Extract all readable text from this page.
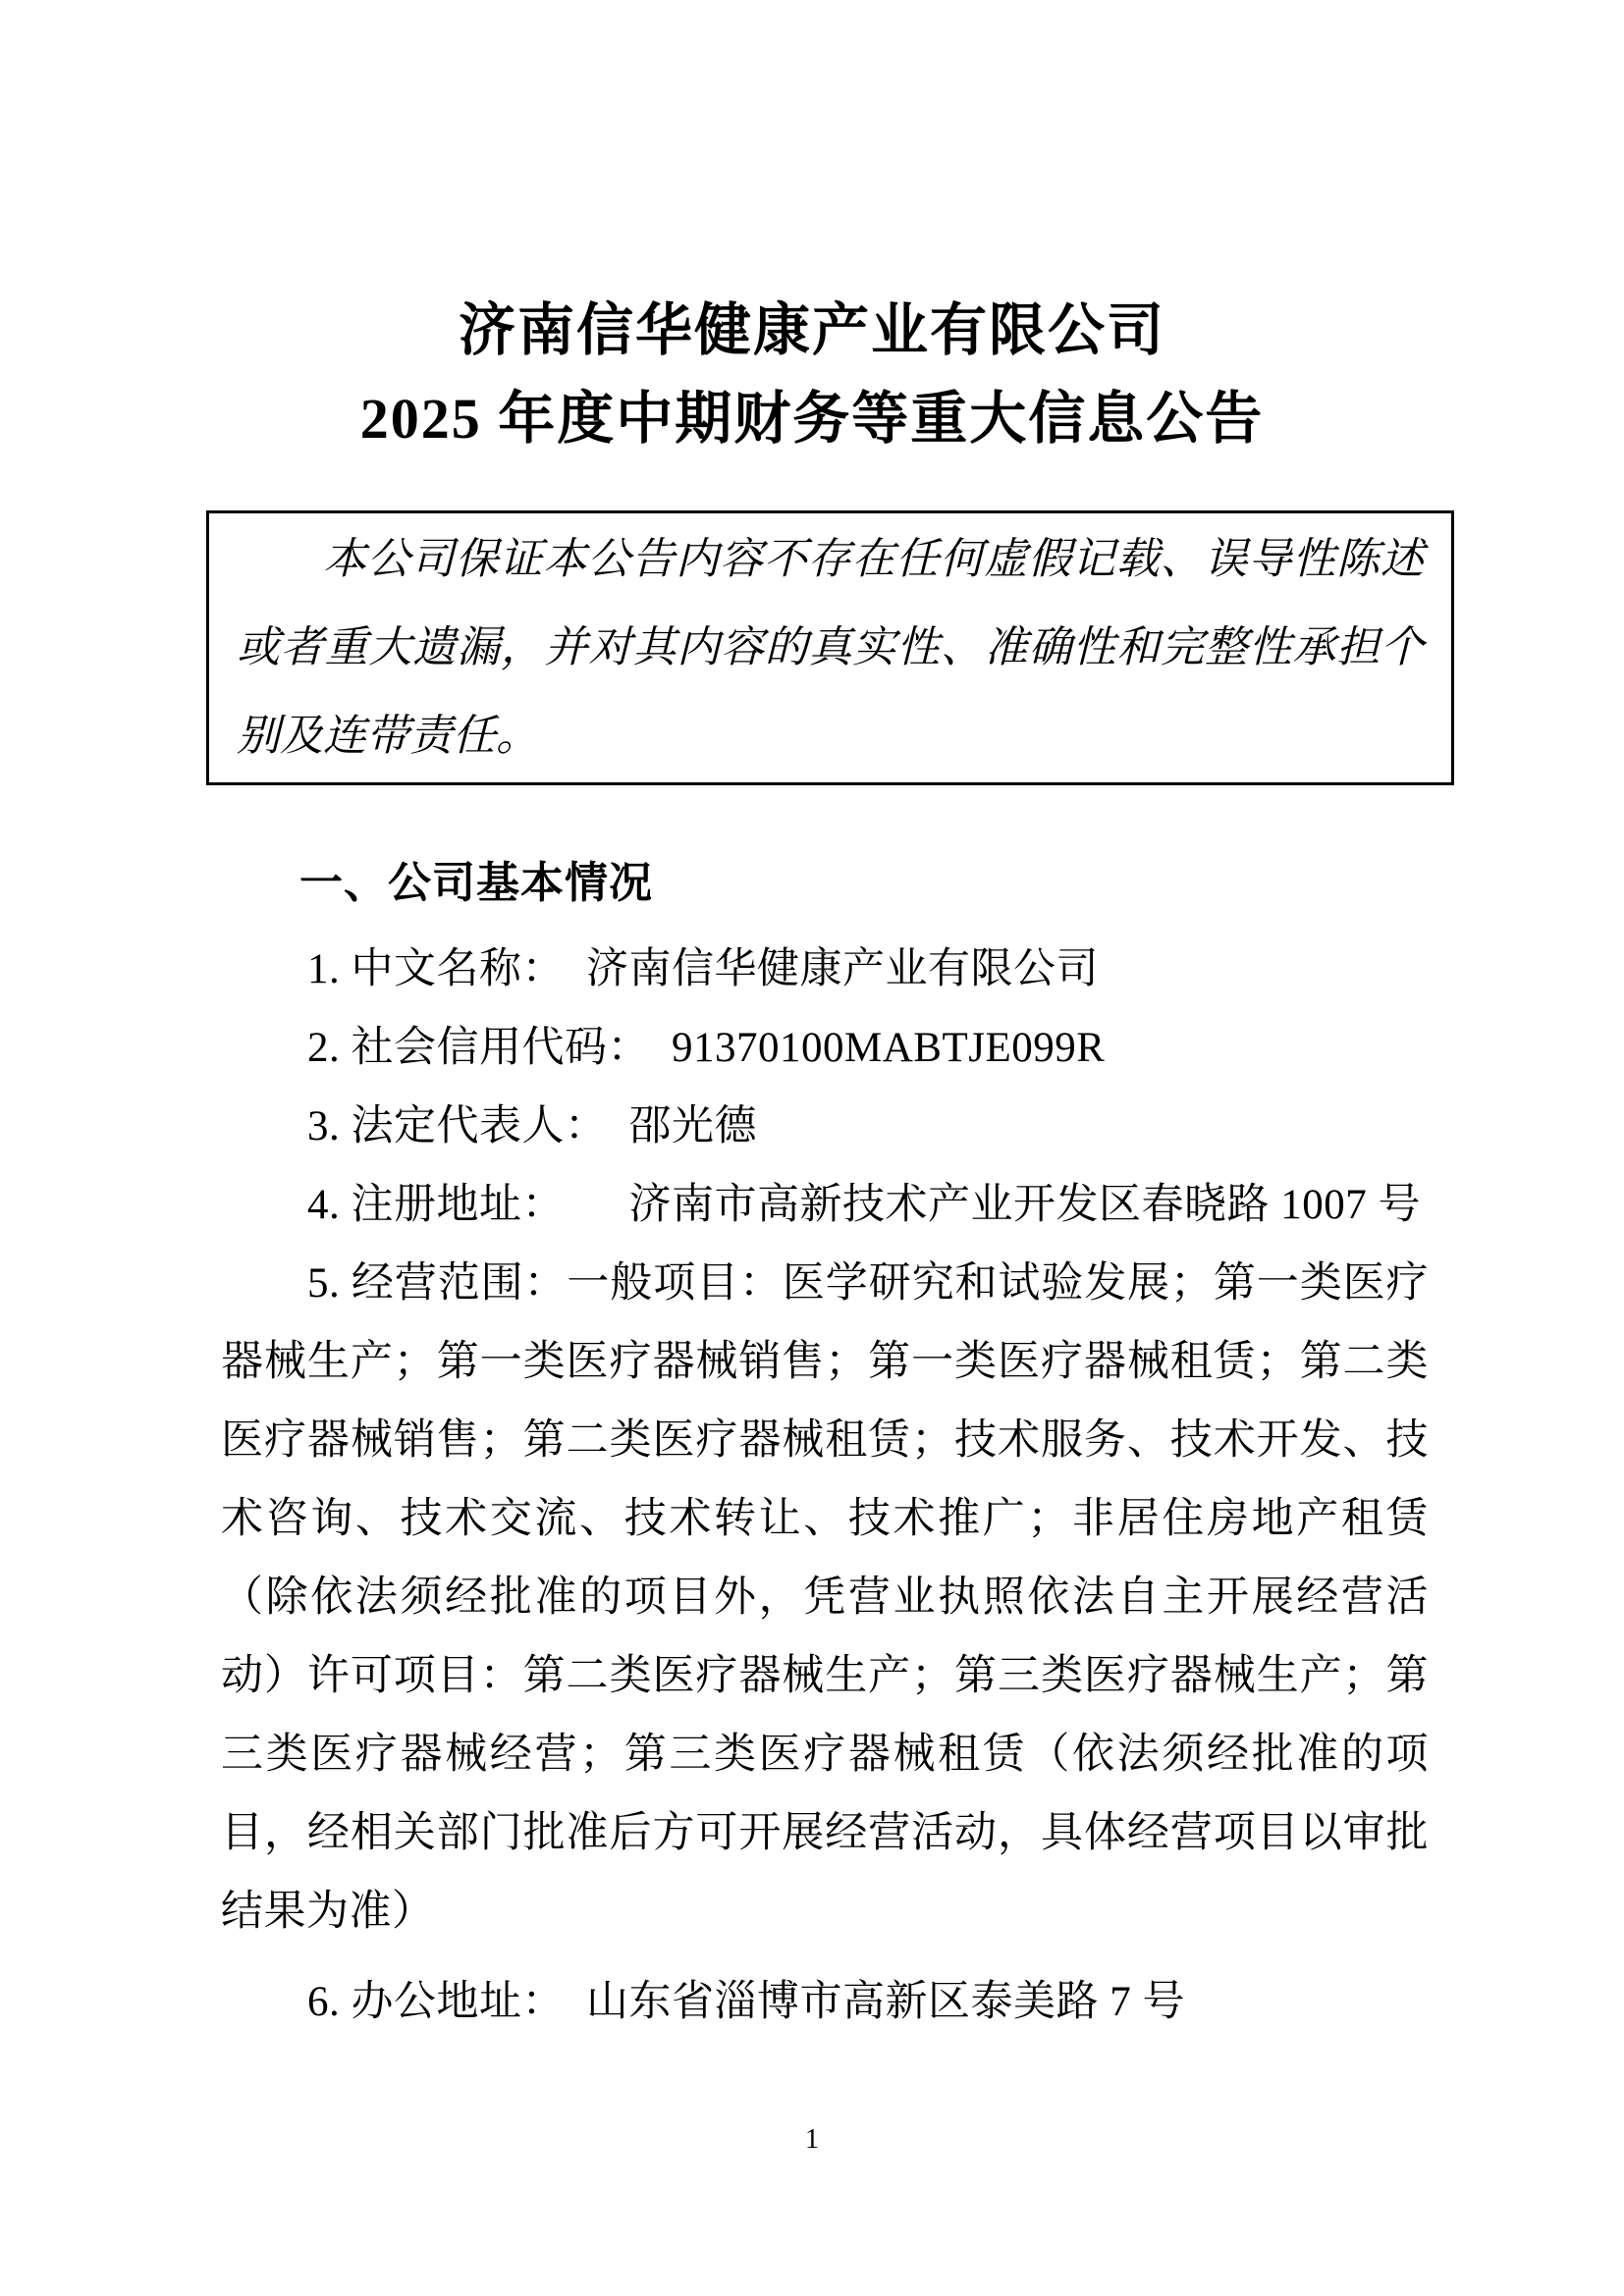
济南信华健康产业有限公司
2025 年度中期财务等重大信息公告

本公司保证本公告内容不存在任何虚假记载、误导性陈述或者重大遗漏，并对其内容的真实性、准确性和完整性承担个别及连带责任。

一、公司基本情况

1. 中文名称：　济南信华健康产业有限公司

2. 社会信用代码：　91370100MABTJE099R

3. 法定代表人：　邵光德

4. 注册地址：　　济南市高新技术产业开发区春晓路 1007 号

5. 经营范围：一般项目：医学研究和试验发展；第一类医疗器械生产；第一类医疗器械销售；第一类医疗器械租赁；第二类医疗器械销售；第二类医疗器械租赁；技术服务、技术开发、技术咨询、技术交流、技术转让、技术推广；非居住房地产租赁（除依法须经批准的项目外，凭营业执照依法自主开展经营活动）许可项目：第二类医疗器械生产；第三类医疗器械生产；第三类医疗器械经营；第三类医疗器械租赁（依法须经批准的项目，经相关部门批准后方可开展经营活动，具体经营项目以审批结果为准）

6. 办公地址：　山东省淄博市高新区泰美路 7 号

1
